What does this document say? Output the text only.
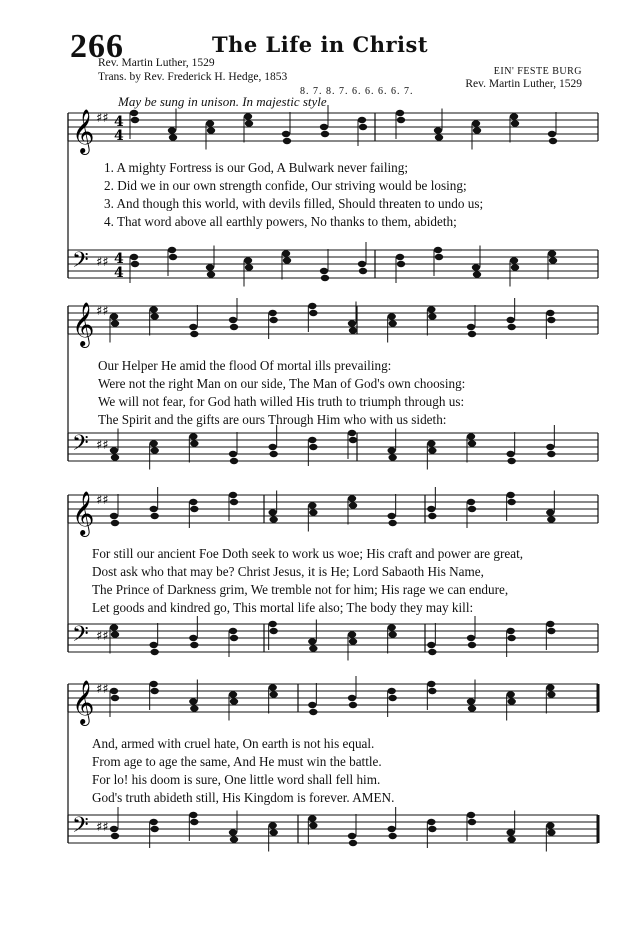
266	The Life in Christ
Rev. Martin Luther, 1529
Trans. by Rev. Frederick H. Hedge, 1853	EIN' FESTE BURG
Rev. Martin Luther, 1529
8. 7. 8. 7. 6. 6. 6. 6. 7.
May be sung in unison. In majestic style
𝄞 ♯♯ 4
4
𝄢 ♯♯ 4
4
𝄞 ♯♯
𝄢 ♯♯
𝄞 ♯♯
𝄢 ♯♯
𝄞 ♯♯
𝄢 ♯♯
1. A mighty Fortress is our God, A Bulwark never failing;
2. Did we in our own strength confide, Our striving would be losing;
3. And though this world, with devils filled, Should threaten to undo us;
4. That word above all earthly powers, No thanks to them, abideth;
Our Helper He amid the flood Of mortal ills prevailing:
Were not the right Man on our side, The Man of God's own choosing:
We will not fear, for God hath willed His truth to triumph through us:
The Spirit and the gifts are ours Through Him who with us sideth:
For still our ancient Foe Doth seek to work us woe; His craft and power are great,
Dost ask who that may be? Christ Jesus, it is He; Lord Sabaoth His Name,
The Prince of Darkness grim, We tremble not for him; His rage we can endure,
Let goods and kindred go, This mortal life also; The body they may kill:
And, armed with cruel hate, On earth is not his equal.
From age to age the same, And He must win the battle.
For lo! his doom is sure, One little word shall fell him.
God's truth abideth still, His Kingdom is forever. AMEN.
